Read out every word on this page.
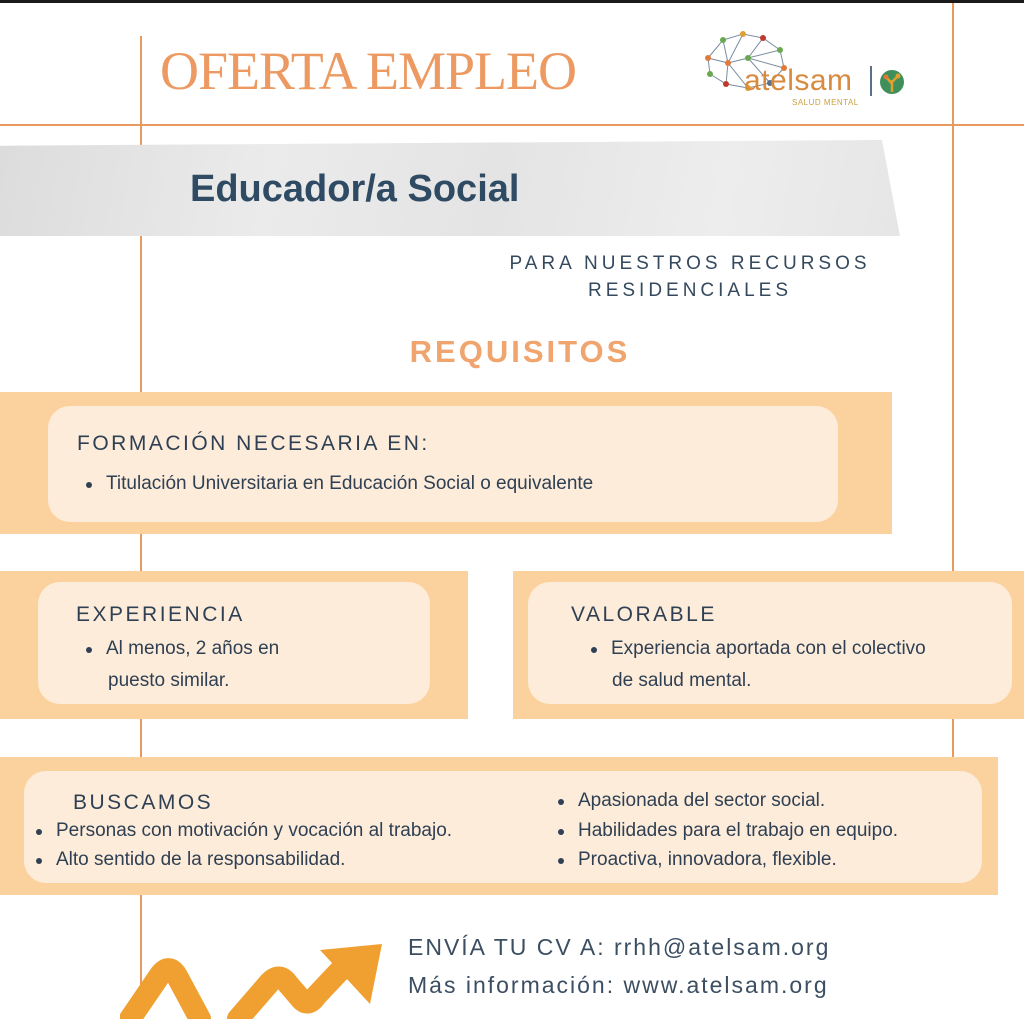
OFERTA EMPLEO	atelsam
SALUD MENTAL
Educador/a Social
PARA NUESTROS RECURSOS
RESIDENCIALES
REQUISITOS
FORMACIÓN NECESARIA EN:
Titulación Universitaria en Educación Social o equivalente
EXPERIENCIA
Al menos, 2 años en
puesto similar.
VALORABLE
Experiencia aportada con el colectivo
de salud mental.
BUSCAMOS
Personas con motivación y vocación al trabajo.
Alto sentido de la responsabilidad.
Apasionada del sector social.
Habilidades para el trabajo en equipo.
Proactiva, innovadora, flexible.
ENVÍA TU CV A: rrhh@atelsam.org
Más información: www.atelsam.org
